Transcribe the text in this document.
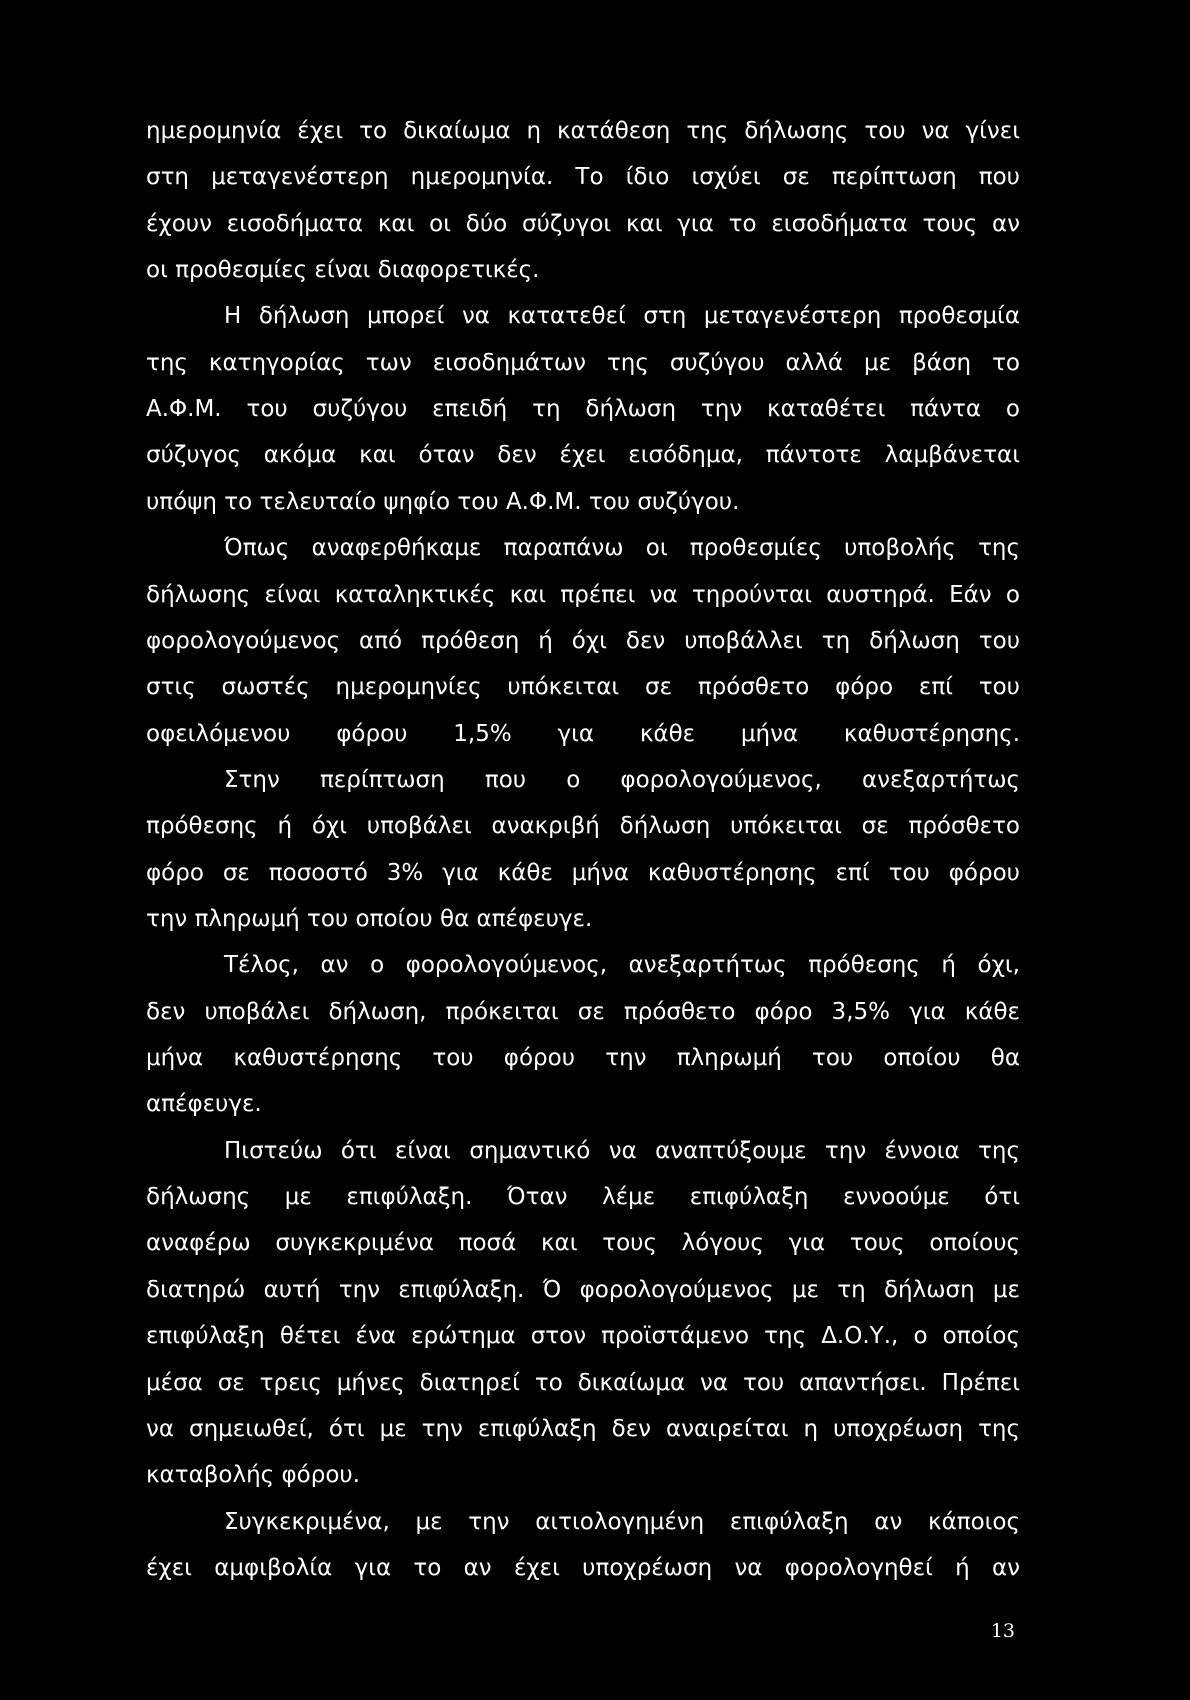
ημερομηνία έχει το δικαίωμα η κατάθεση της δήλωσης του να γίνει
στη μεταγενέστερη ημερομηνία. Το ίδιο ισχύει σε περίπτωση που
έχουν εισοδήματα και οι δύο σύζυγοι και για το εισοδήματα τους αν
οι προθεσμίες είναι διαφορετικές.
Η δήλωση μπορεί να κατατεθεί στη μεταγενέστερη προθεσμία
της κατηγορίας των εισοδημάτων της συζύγου αλλά με βάση το
Α.Φ.Μ. του συζύγου επειδή τη δήλωση την καταθέτει πάντα ο
σύζυγος ακόμα και όταν δεν έχει εισόδημα, πάντοτε λαμβάνεται
υπόψη το τελευταίο ψηφίο του Α.Φ.Μ. του συζύγου.
Όπως αναφερθήκαμε παραπάνω οι προθεσμίες υποβολής της
δήλωσης είναι καταληκτικές και πρέπει να τηρούνται αυστηρά. Εάν ο
φορολογούμενος από πρόθεση ή όχι δεν υποβάλλει τη δήλωση του
στις σωστές ημερομηνίες υπόκειται σε πρόσθετο φόρο επί του
οφειλόμενου φόρου 1,5% για κάθε μήνα καθυστέρησης.
Στην περίπτωση που ο φορολογούμενος, ανεξαρτήτως
πρόθεσης ή όχι υποβάλει ανακριβή δήλωση υπόκειται σε πρόσθετο
φόρο σε ποσοστό 3% για κάθε μήνα καθυστέρησης επί του φόρου
την πληρωμή του οποίου θα απέφευγε.
Τέλος, αν ο φορολογούμενος, ανεξαρτήτως πρόθεσης ή όχι,
δεν υποβάλει δήλωση, πρόκειται σε πρόσθετο φόρο 3,5% για κάθε
μήνα καθυστέρησης του φόρου την πληρωμή του οποίου θα
απέφευγε.
Πιστεύω ότι είναι σημαντικό να αναπτύξουμε την έννοια της
δήλωσης με επιφύλαξη. Όταν λέμε επιφύλαξη εννοούμε ότι
αναφέρω συγκεκριμένα ποσά και τους λόγους για τους οποίους
διατηρώ αυτή την επιφύλαξη. Ό φορολογούμενος με τη δήλωση με
επιφύλαξη θέτει ένα ερώτημα στον προϊστάμενο της Δ.Ο.Υ., ο οποίος
μέσα σε τρεις μήνες διατηρεί το δικαίωμα να του απαντήσει. Πρέπει
να σημειωθεί, ότι με την επιφύλαξη δεν αναιρείται η υποχρέωση της
καταβολής φόρου.
Συγκεκριμένα, με την αιτιολογημένη επιφύλαξη αν κάποιος
έχει αμφιβολία για το αν έχει υποχρέωση να φορολογηθεί ή αν
13
